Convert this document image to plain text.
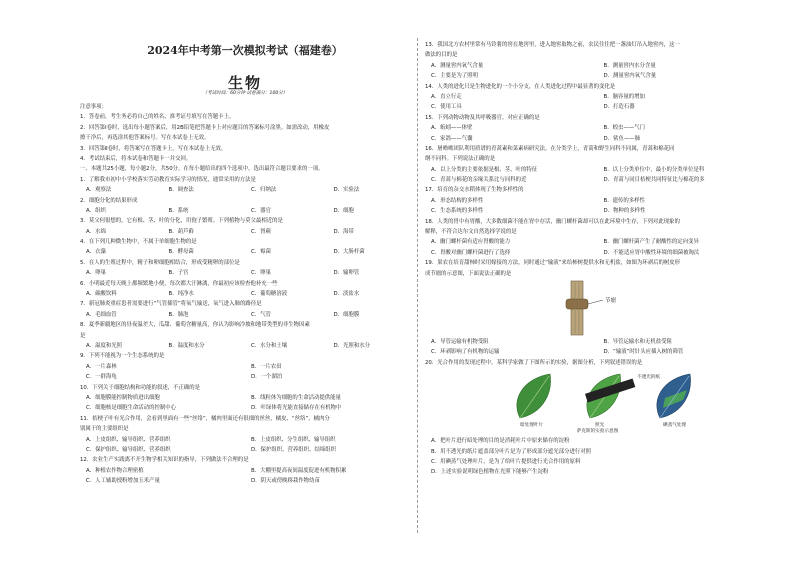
2024年中考第一次模拟考试（福建卷）
生物
（考试时间：60分钟 试卷满分：100分）
注意事项：
1．答卷前，考生务必将自己的姓名、准考证号填写在答题卡上。
2．回答第Ⅰ卷时，选出每小题答案后，用2B铅笔把答题卡上对应题目的答案标号涂黑。如需改动，用橡皮
擦干净后，再选涂其他答案标号。写在本试卷上无效。
3．回答第Ⅱ卷时，将答案写在答题卡上。写在本试卷上无效。
4．考试结束后，将本试卷和答题卡一并交回。
一、本题共25小题，每小题2分，共50分。在每小题给出的四个选项中，选出最符合题目要求的一项。
1．了解我市初中小学校落实劳动教育实际学习的情况，通常采用的方法是
A．观察法	B．调查法	C．归纳法	D．实验法
2．细胞分化的结果形成
A．组织	B．系统	C．器官	D．细胞
3．莫父何很想的，它有根、茎、叶的分化，用孢子繁殖。下列植物与莫父最相近的是
A．水绵	B．葫芦藓	C．肾蕨	D．海带
4．在下列几种微生物中，不属于单细胞生物的是
A．衣藻	B．酵母菌	C．霉菌	D．大肠杆菌
5．在人的生殖过程中，精子和卵细胞相结合，形成受精卵的部位是
A．卵巢	B．子宫	C．卵巢	D．输卵管
6．小明最近每天晚上都频繁地小便，每次都大汗淋漓，你最初应该检查他补充一些
A．碳酸饮料	B．纯净水	C．葡萄糖溶液	D．淡盐水
7．新冠肺炎重症患者需要进行“气管插管”将氧气输送，氧气进入肺的路径是
A．毛细血管	B．肺泡	C．气管	D．细胞膜
8．夏季新疆地区的昼夜温差大，瓜甜、葡萄含糖量高，你认为影响冷坡和地带类型的非生物因素
是
A．温度和光照	B．温度和水分	C．水分和土壤	D．光照和水分
9．下列不能视为一个生态系统的是
A．一片森林	B．一片农田
C．一群海龟	D．一个湖泊
10．下列关于细胞结构和功能的叙述，不正确的是
A．细胞膜能控制物质进出细胞	B．线粒体为细胞的生命活动提供能量
C．细胞核是细胞生命活动的控制中心	D．叶绿体将光能直接储存在有机物中
11．桔梗子叶有光合作用，会看到里面有一些“丝络”，橘肉里面还有很细的丝丝，橘皮、“丝络”、橘肉分
别属于的主要组织是
A．上皮组织、输导组织、营养组织	B．上皮组织、分生组织、输导组织
C．保护组织、输导组织、营养组织	D．保护组织、营养组织、结缔组织
12．农业生产实践离不开生物学相关知识的指导，下列做法不合理的是
A．种植农作物合理密植	B．大棚里提高夜间温度促进有机物积累
C．人工辅助授粉增加玉米产量	D．阴天或傍晚移栽作物幼苗
13．我国北方农村里常有马铃薯的窖在地窖里，进入地窖取物之前，农民往往把一盏油灯吊入地窖内，这一
做法的目的是
A．测量窖内氧气含量	B．测量窖内水分含量
C．主要是为了照明	D．测量窖内氧气含量
14．人类的进化只是生物进化的一个小分支，在人类进化过程中最显著的变化是
A．直立行走	B．脑容量的增加
C．使用工具	D．打造石器
15．下列动物动物及其呼吸器官，对应正确的是
A．蚯蚓——体壁	B．蝗虫——气门
C．家鸽——气囊	D．鲨鱼——肺
16．屠呦呦团队利用质谱的青蒿素和菜素病研究法。在分类学上，青蒿和野生同科不同属，青蒿和棉花同
纲不同科。下列说法正确的是
A．以上分类的主要依据是根、茎、叶的特征	B．以上分类单位中，最小的分类单位是科
C．青蒿与棉花的亲缘关系比与同科的近	D．青蒿与同目桔梗共同特征比与棉花的多
17．培育的杂交水稻体现了生物多样性的
A．形态结构的多样性	B．遗传的多样性
C．生态系统的多样性	D．物种的多样性
18．人类的胃中有胃酸，大多数细菌不能在胃中存活，幽门螺杆菌却可以在此环境中生存，下列对此现象的
解释，不符合达尔文自然选择学说的是
A．幽门螺杆菌有适应胃酸的能力	B．幽门螺杆菌产生了耐酸性的定向变异
C．胃酸对幽门螺杆菌进行了选择	D．不能适应胃中酸性环境的细菌被淘汰
19．果农在培育甜柿时采用嫁接的方法，同时通过“输液”来给柿树提供水和无机盐，如图为环剥后的树皮形
成节瘤的示意图，下面说法正确的是
节瘤
A．导管运输有机物受阻	B．导管运输水和无机盐受阻
C．环剥影响了有机物的运输	D．“输液”时针头应插入树的筛管
20．光合作用的发现过程中，某科学家做了下图所示的实验，据图分析，下列叙述错误的是
不透光的纸
暗处理叶片	照光	碘蒸气处理
萨克斯的实验示意图
A．把叶片进行暗处理的目的是消耗叶片中原来储存的淀粉
B．用不透光的纸片遮盖部分叶片是为了形成部分遮光部分进行对照
C．用碘蒸气处理叶片，是为了给叶片提供进行光合作用的原料
D．上述实验说明绿色植物在光照下能够产生淀粉
